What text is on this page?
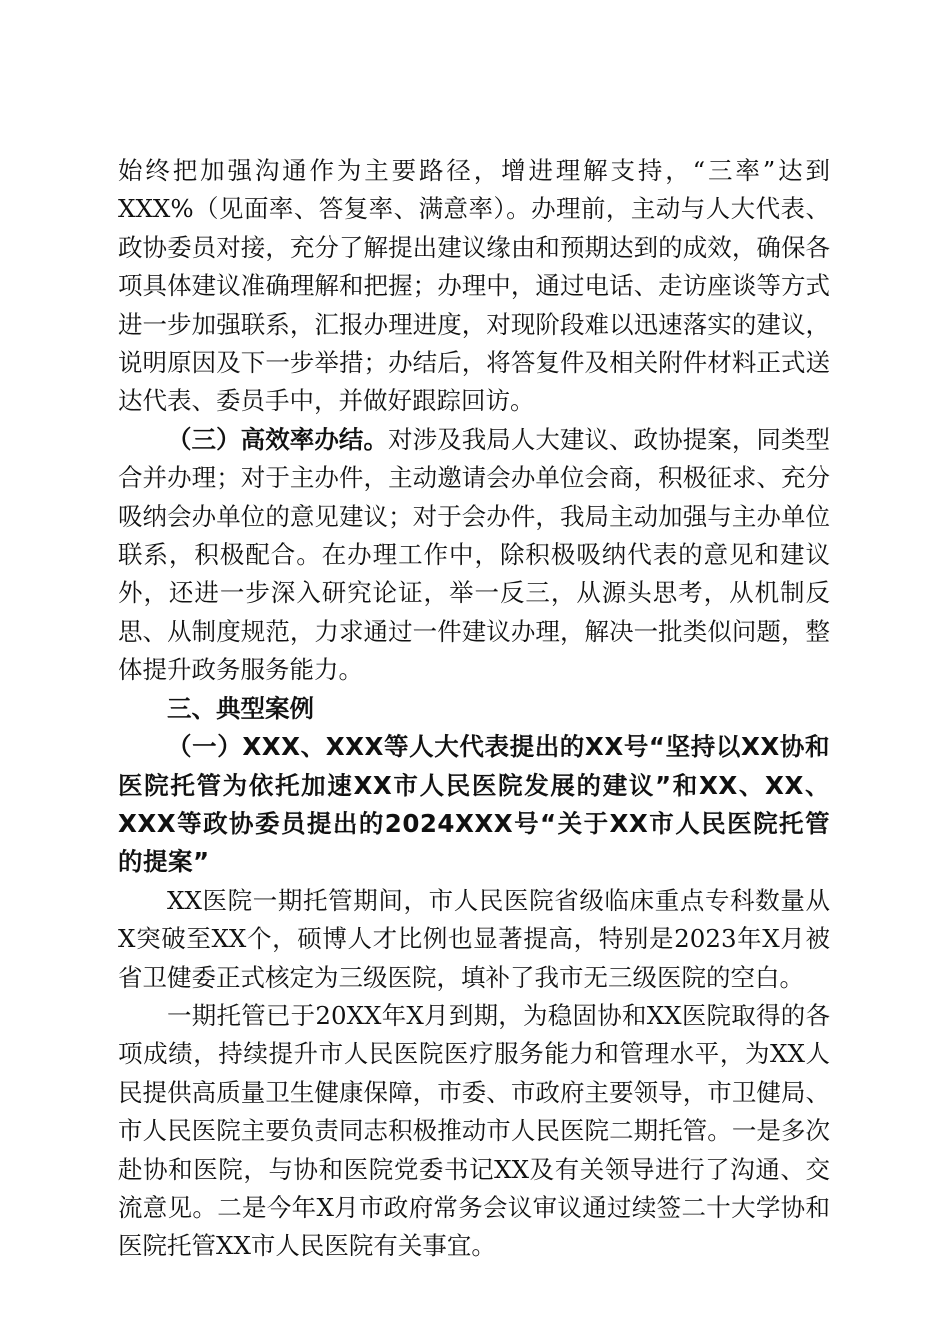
始终把加强沟通作为主要路径，增进理解支持，“三率”达到XXX%（见面率、答复率、满意率）。办理前，主动与人大代表、政协委员对接，充分了解提出建议缘由和预期达到的成效，确保各项具体建议准确理解和把握；办理中，通过电话、走访座谈等方式进一步加强联系，汇报办理进度，对现阶段难以迅速落实的建议，说明原因及下一步举措；办结后，将答复件及相关附件材料正式送达代表、委员手中，并做好跟踪回访。

（三）高效率办结。对涉及我局人大建议、政协提案，同类型合并办理；对于主办件，主动邀请会办单位会商，积极征求、充分吸纳会办单位的意见建议；对于会办件，我局主动加强与主办单位联系，积极配合。在办理工作中，除积极吸纳代表的意见和建议外，还进一步深入研究论证，举一反三，从源头思考，从机制反思、从制度规范，力求通过一件建议办理，解决一批类似问题，整体提升政务服务能力。

三、典型案例

（一）XXX、XXX等人大代表提出的XX号“坚持以XX协和医院托管为依托加速XX市人民医院发展的建议”和XX、XX、XXX等政协委员提出的2024XXX号“关于XX市人民医院托管的提案”

XX医院一期托管期间，市人民医院省级临床重点专科数量从X突破至XX个，硕博人才比例也显著提高，特别是2023年X月被省卫健委正式核定为三级医院，填补了我市无三级医院的空白。

一期托管已于20XX年X月到期，为稳固协和XX医院取得的各项成绩，持续提升市人民医院医疗服务能力和管理水平，为XX人民提供高质量卫生健康保障，市委、市政府主要领导，市卫健局、市人民医院主要负责同志积极推动市人民医院二期托管。一是多次赴协和医院，与协和医院党委书记XX及有关领导进行了沟通、交流意见。二是今年X月市政府常务会议审议通过续签二十大学协和医院托管XX市人民医院有关事宜。
